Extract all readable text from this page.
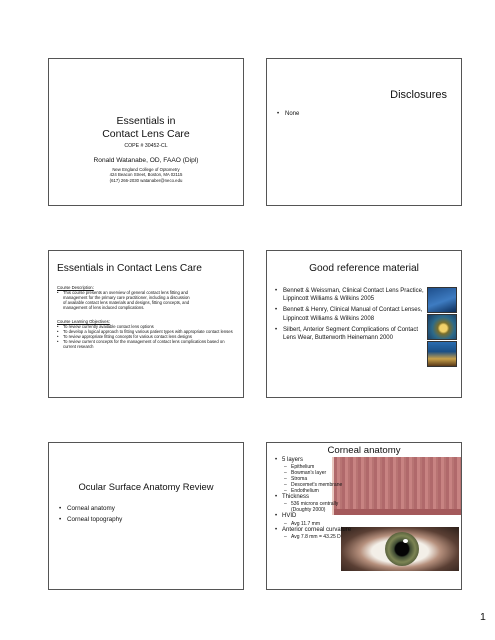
Essentials in
Contact Lens Care
COPE # 30452-CL
Ronald Watanabe, OD, FAAO (Dipl)
New England College of Optometry
424 Beacon Street, Boston, MA 02115
(617) 266-2030 watanaber@neco.edu
Disclosures
• None
Essentials in Contact Lens Care
Course Description:
• This course presents an overview of general contact lens fitting and
management for the primary care practitioner, including a discussion
of available contact lens materials and designs, fitting concepts, and
management of lens induced complications.
Course Learning Objectives:
• To review currently available contact lens options
• To develop a logical approach to fitting various patient types with appropriate contact lenses
• To review appropriate fitting concepts for various contact lens designs
• To review current concepts for the management of contact lens complications based on current research
Good reference material
• Bennett & Weissman, Clinical Contact Lens Practice, Lippincott Williams & Wilkins 2005
• Bennett & Henry, Clinical Manual of Contact Lenses, Lippincott Williams & Wilkins 2008
• Silbert, Anterior Segment Complications of Contact Lens Wear, Butterworth Heinemann 2000
Ocular Surface Anatomy Review
• Corneal anatomy
• Corneal topography
Corneal anatomy
• 5 layers
– Epithelium
– Bowman's layer
– Stroma
– Descemet's membrane
– Endothelium
• Thickness
– 536 microns centrally
(Doughty 2000)
• HVID
– Avg 11.7 mm
• Anterior corneal curvature
– Avg 7.8 mm = 43.25 D
1
